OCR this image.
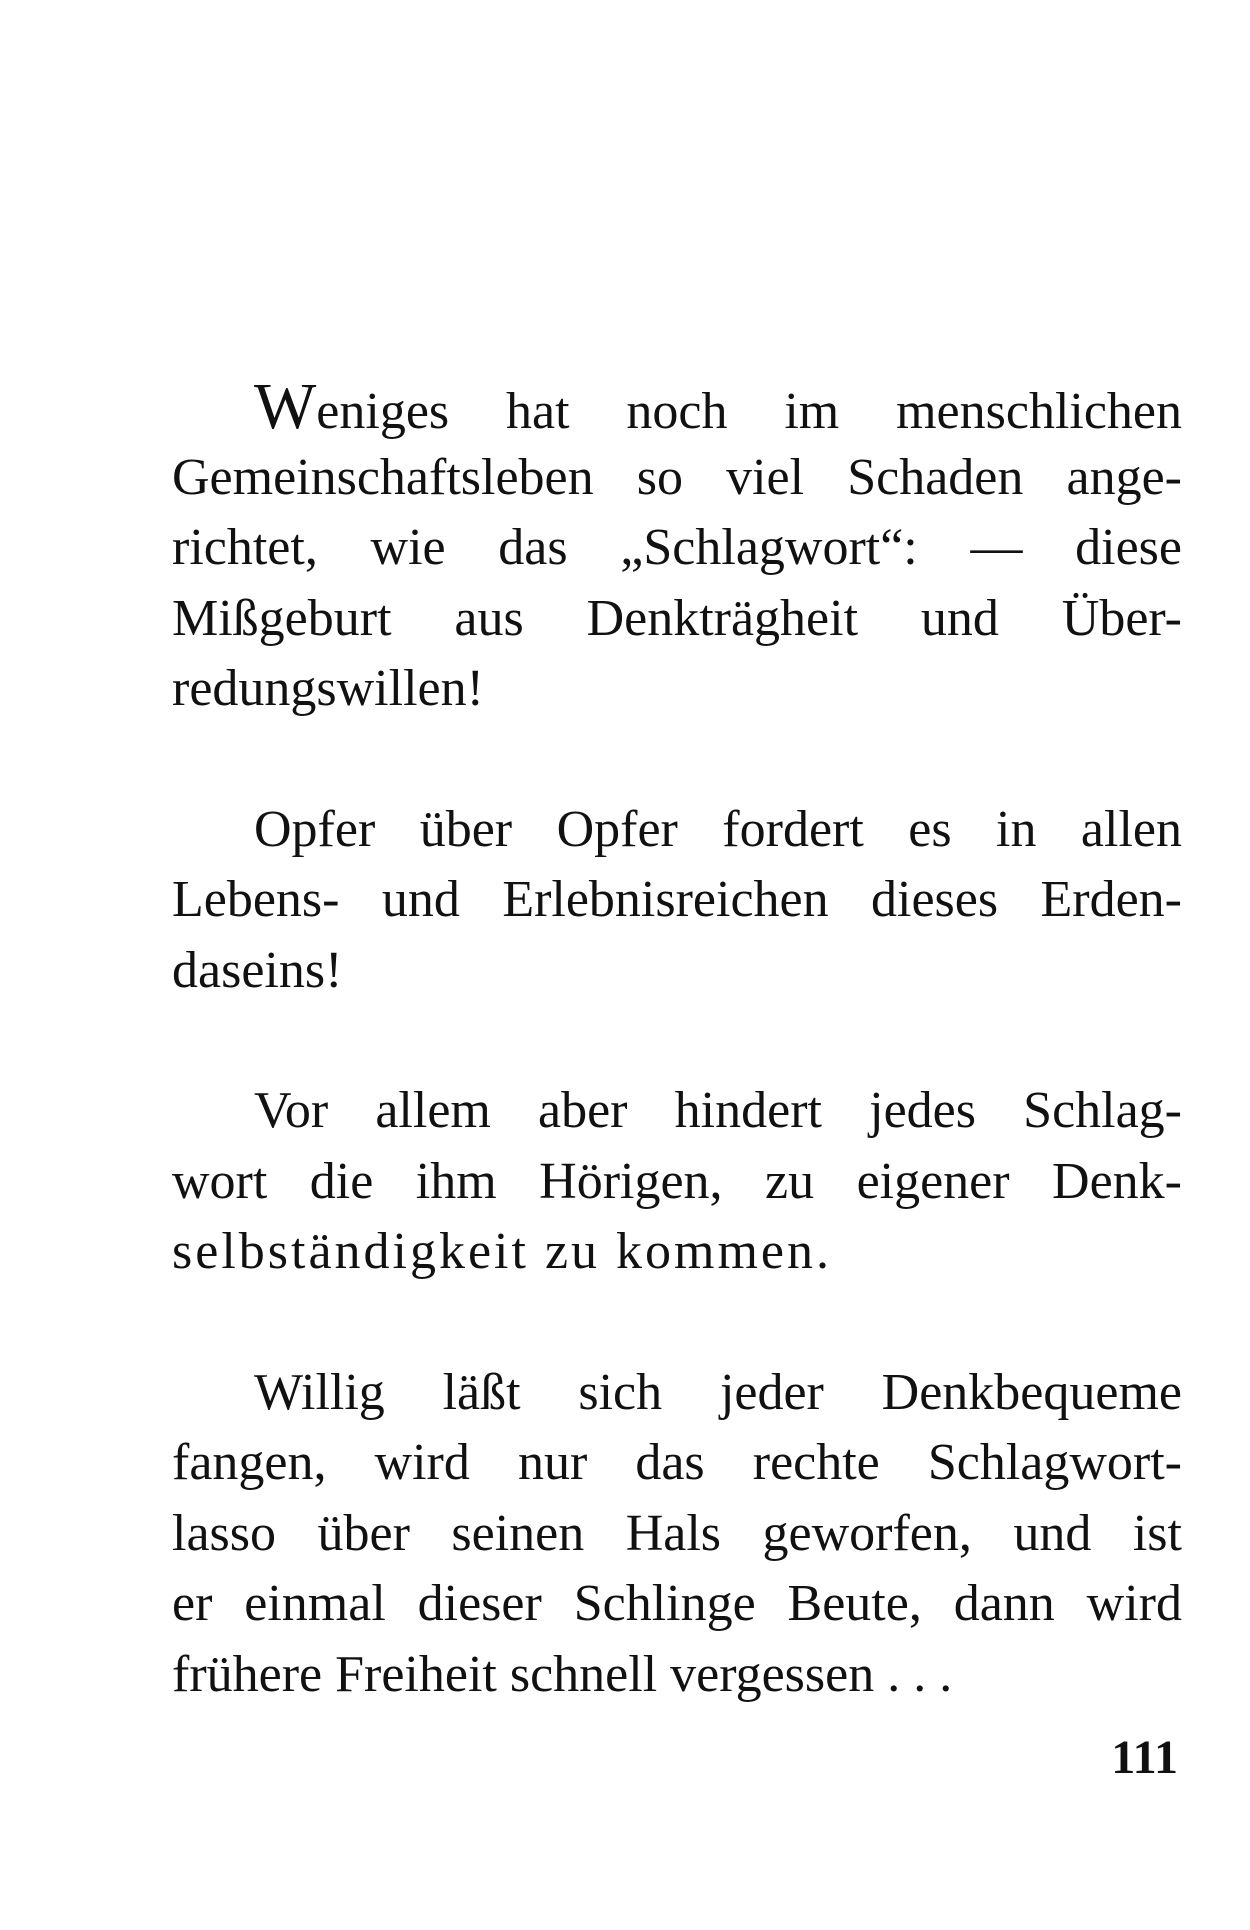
Weniges hat noch im menschlichen
Gemeinschaftsleben so viel Schaden ange-
richtet, wie das „Schlagwort“: — diese
Mißgeburt aus Denkträgheit und Über-
redungswillen!
Opfer über Opfer fordert es in allen
Lebens- und Erlebnisreichen dieses Erden-
daseins!
Vor allem aber hindert jedes Schlag-
wort die ihm Hörigen, zu eigener Denk-
selbständigkeit zu kommen.
Willig läßt sich jeder Denkbequeme
fangen, wird nur das rechte Schlagwort-
lasso über seinen Hals geworfen, und ist
er einmal dieser Schlinge Beute, dann wird
frühere Freiheit schnell vergessen . . .
111
